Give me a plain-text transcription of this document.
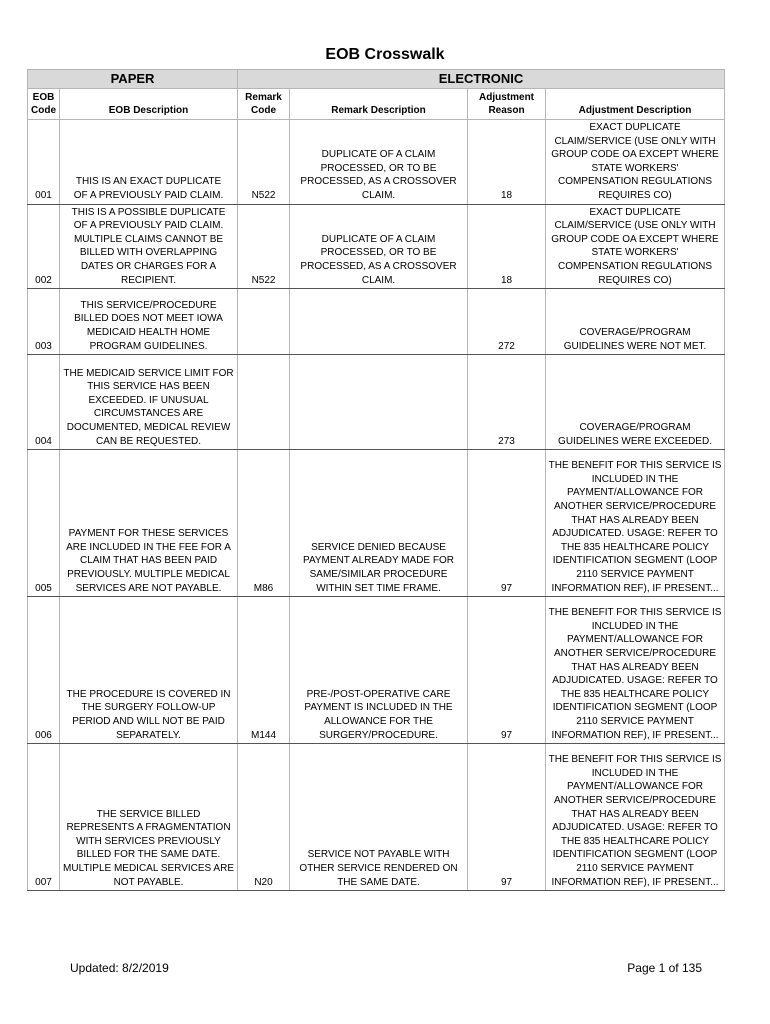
EOB Crosswalk
PAPER		ELECTRONIC			
EOB Code	EOB Description	Remark Code	Remark Description	Adjustment Reason	Adjustment Description
001	THIS IS AN EXACT DUPLICATE OF A PREVIOUSLY PAID CLAIM.	N522	DUPLICATE OF A CLAIM PROCESSED, OR TO BE PROCESSED, AS A CROSSOVER CLAIM.	18	EXACT DUPLICATE CLAIM/SERVICE (USE ONLY WITH GROUP CODE OA EXCEPT WHERE STATE WORKERS' COMPENSATION REGULATIONS REQUIRES CO)
002	THIS IS A POSSIBLE DUPLICATE OF A PREVIOUSLY PAID CLAIM. MULTIPLE CLAIMS CANNOT BE BILLED WITH OVERLAPPING DATES OR CHARGES FOR A RECIPIENT.	N522	DUPLICATE OF A CLAIM PROCESSED, OR TO BE PROCESSED, AS A CROSSOVER CLAIM.	18	EXACT DUPLICATE CLAIM/SERVICE (USE ONLY WITH GROUP CODE OA EXCEPT WHERE STATE WORKERS' COMPENSATION REGULATIONS REQUIRES CO)
003	THIS SERVICE/PROCEDURE BILLED DOES NOT MEET IOWA MEDICAID HEALTH HOME PROGRAM GUIDELINES.			272	COVERAGE/PROGRAM GUIDELINES WERE NOT MET.
004	THE MEDICAID SERVICE LIMIT FOR THIS SERVICE HAS BEEN EXCEEDED. IF UNUSUAL CIRCUMSTANCES ARE DOCUMENTED, MEDICAL REVIEW CAN BE REQUESTED.			273	COVERAGE/PROGRAM GUIDELINES WERE EXCEEDED.
005	PAYMENT FOR THESE SERVICES ARE INCLUDED IN THE FEE FOR A CLAIM THAT HAS BEEN PAID PREVIOUSLY. MULTIPLE MEDICAL SERVICES ARE NOT PAYABLE.	M86	SERVICE DENIED BECAUSE PAYMENT ALREADY MADE FOR SAME/SIMILAR PROCEDURE WITHIN SET TIME FRAME.	97	THE BENEFIT FOR THIS SERVICE IS INCLUDED IN THE PAYMENT/ALLOWANCE FOR ANOTHER SERVICE/PROCEDURE THAT HAS ALREADY BEEN ADJUDICATED. USAGE: REFER TO THE 835 HEALTHCARE POLICY IDENTIFICATION SEGMENT (LOOP 2110 SERVICE PAYMENT INFORMATION REF), IF PRESENT...
006	THE PROCEDURE IS COVERED IN THE SURGERY FOLLOW-UP PERIOD AND WILL NOT BE PAID SEPARATELY.	M144	PRE-/POST-OPERATIVE CARE PAYMENT IS INCLUDED IN THE ALLOWANCE FOR THE SURGERY/PROCEDURE.	97	THE BENEFIT FOR THIS SERVICE IS INCLUDED IN THE PAYMENT/ALLOWANCE FOR ANOTHER SERVICE/PROCEDURE THAT HAS ALREADY BEEN ADJUDICATED. USAGE: REFER TO THE 835 HEALTHCARE POLICY IDENTIFICATION SEGMENT (LOOP 2110 SERVICE PAYMENT INFORMATION REF), IF PRESENT...
007	THE SERVICE BILLED REPRESENTS A FRAGMENTATION WITH SERVICES PREVIOUSLY BILLED FOR THE SAME DATE. MULTIPLE MEDICAL SERVICES ARE NOT PAYABLE.	N20	SERVICE NOT PAYABLE WITH OTHER SERVICE RENDERED ON THE SAME DATE.	97	THE BENEFIT FOR THIS SERVICE IS INCLUDED IN THE PAYMENT/ALLOWANCE FOR ANOTHER SERVICE/PROCEDURE THAT HAS ALREADY BEEN ADJUDICATED. USAGE: REFER TO THE 835 HEALTHCARE POLICY IDENTIFICATION SEGMENT (LOOP 2110 SERVICE PAYMENT INFORMATION REF), IF PRESENT...
Updated: 8/2/2019	Page 1 of 135
